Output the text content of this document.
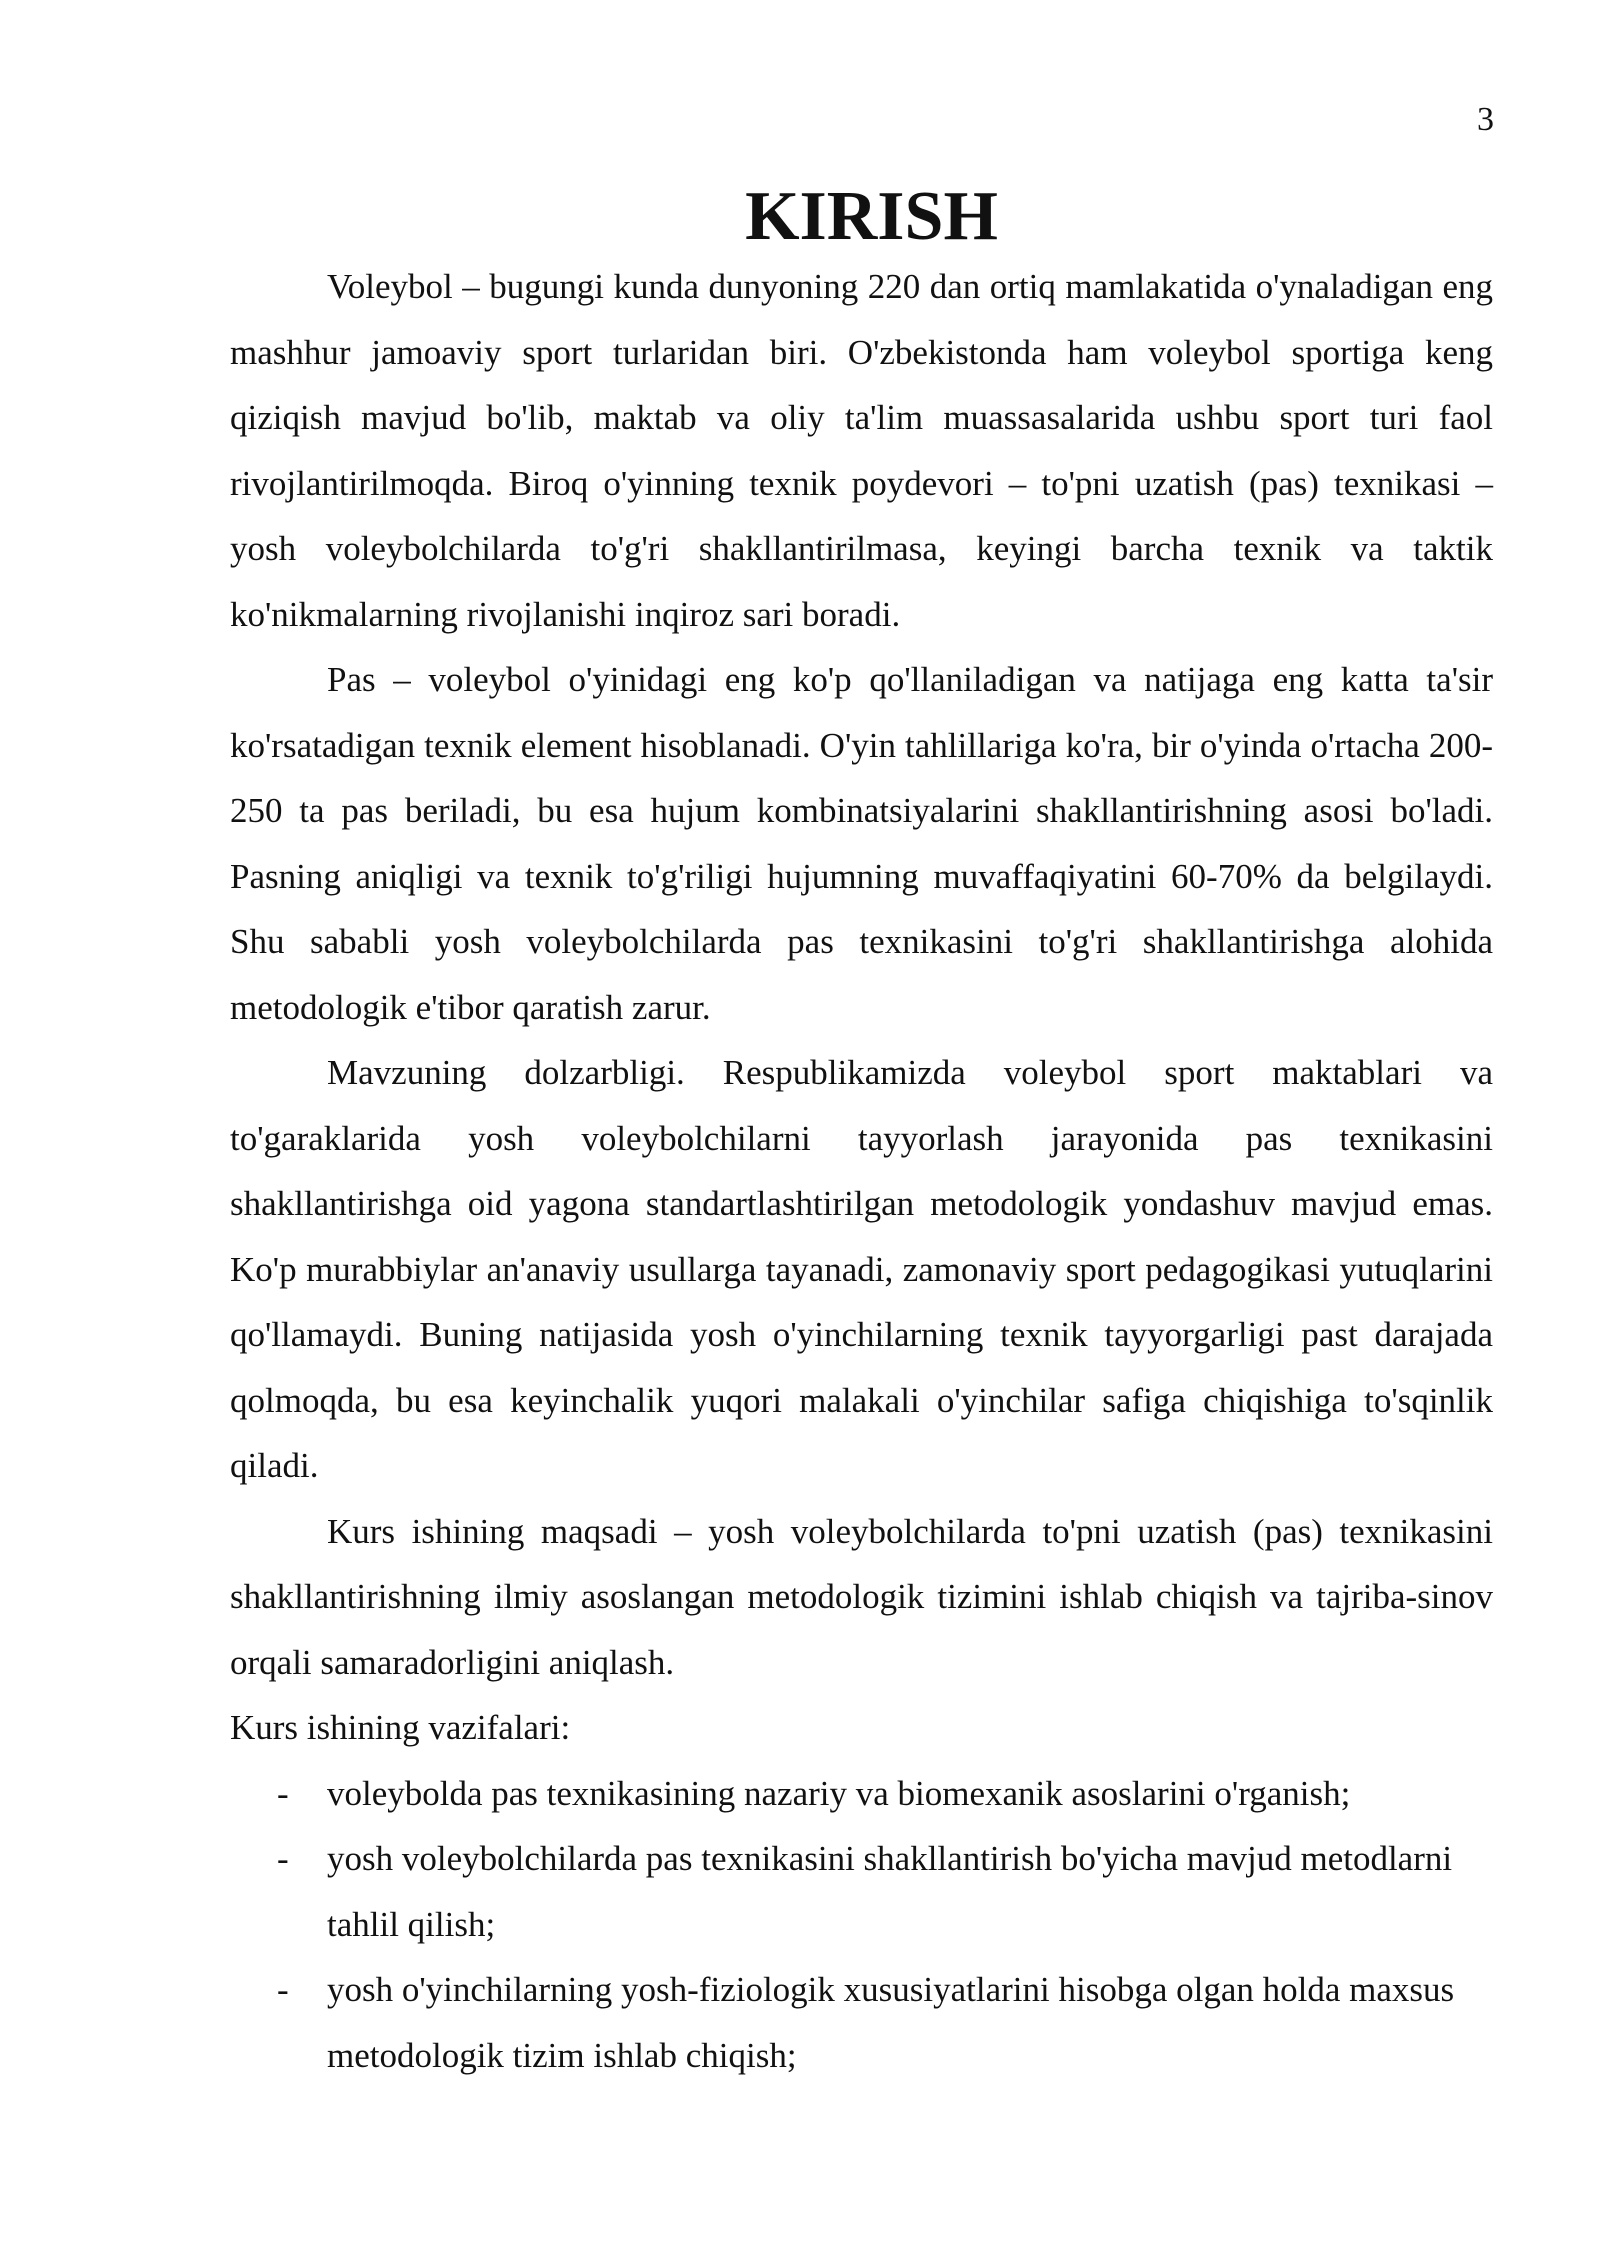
3
KIRISH

Voleybol – bugungi kunda dunyoning 220 dan ortiq mamlakatida o'ynaladigan eng mashhur jamoaviy sport turlaridan biri. O'zbekistonda ham voleybol sportiga keng qiziqish mavjud bo'lib, maktab va oliy ta'lim muassasalarida ushbu sport turi faol rivojlantirilmoqda. Biroq o'yinning texnik poydevori – to'pni uzatish (pas) texnikasi – yosh voleybolchilarda to'g'ri shakllantirilmasa, keyingi barcha texnik va taktik ko'nikmalarning rivojlanishi inqiroz sari boradi.

Pas – voleybol o'yinidagi eng ko'p qo'llaniladigan va natijaga eng katta ta'sir ko'rsatadigan texnik element hisoblanadi. O'yin tahlillariga ko'ra, bir o'yinda o'rtacha 200-250 ta pas beriladi, bu esa hujum kombinatsiyalarini shakllantirishning asosi bo'ladi. Pasning aniqligi va texnik to'g'riligi hujumning muvaffaqiyatini 60-70% da belgilaydi. Shu sababli yosh voleybolchilarda pas texnikasini to'g'ri shakllantirishga alohida metodologik e'tibor qaratish zarur.

Mavzuning dolzarbligi. Respublikamizda voleybol sport maktablari va to'garaklarida yosh voleybolchilarni tayyorlash jarayonida pas texnikasini shakllantirishga oid yagona standartlashtirilgan metodologik yondashuv mavjud emas. Ko'p murabbiylar an'anaviy usullarga tayanadi, zamonaviy sport pedagogikasi yutuqlarini qo'llamaydi. Buning natijasida yosh o'yinchilarning texnik tayyorgarligi past darajada qolmoqda, bu esa keyinchalik yuqori malakali o'yinchilar safiga chiqishiga to'sqinlik qiladi.

Kurs ishining maqsadi – yosh voleybolchilarda to'pni uzatish (pas) texnikasini shakllantirishning ilmiy asoslangan metodologik tizimini ishlab chiqish va tajriba-sinov orqali samaradorligini aniqlash.

Kurs ishining vazifalari:

- voleybolda pas texnikasining nazariy va biomexanik asoslarini o'rganish;
- yosh voleybolchilarda pas texnikasini shakllantirish bo'yicha mavjud metodlarni tahlil qilish;
- yosh o'yinchilarning yosh-fiziologik xususiyatlarini hisobga olgan holda maxsus metodologik tizim ishlab chiqish;
